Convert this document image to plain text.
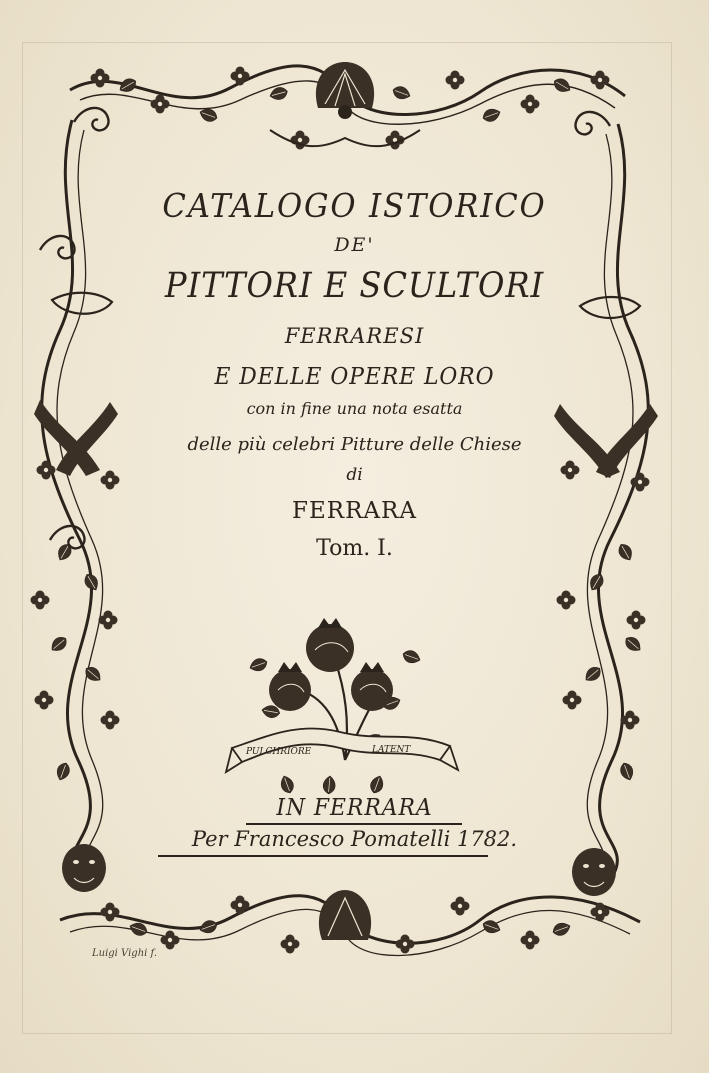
PULCHRIORE	LATENT
CATALOGO ISTORICO
DE'
PITTORI E SCULTORI
FERRARESI
E DELLE OPERE LORO
con in fine una nota esatta
delle più celebri Pitture delle Chiese
di
FERRARA
Tom. I.
IN FERRARA
Per Francesco Pomatelli 1782.
Luigi Vighi f.
